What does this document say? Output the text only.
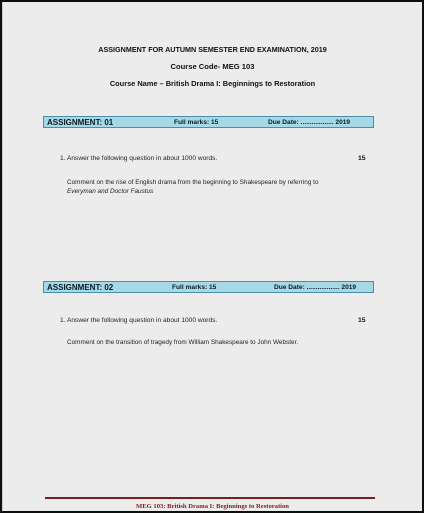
ASSIGNMENT FOR AUTUMN SEMESTER END EXAMINATION, 2019
Course Code- MEG 103
Course Name – British Drama I: Beginnings to Restoration
ASSIGNMENT: 01	Full marks: 15	Due Date: .................. 2019
1. Answer the following question in about 1000 words.	15
Comment on the rise of English drama from the beginning to Shakespeare by referring to
Everyman and Doctor Faustus
ASSIGNMENT: 02	Full marks: 15	Due Date: .................. 2019
1. Answer the following question in about 1000 words.	15
Comment on the transition of tragedy from William Shakespeare to John Webster.
MEG 103: British Drama I: Beginnings to Restoration
